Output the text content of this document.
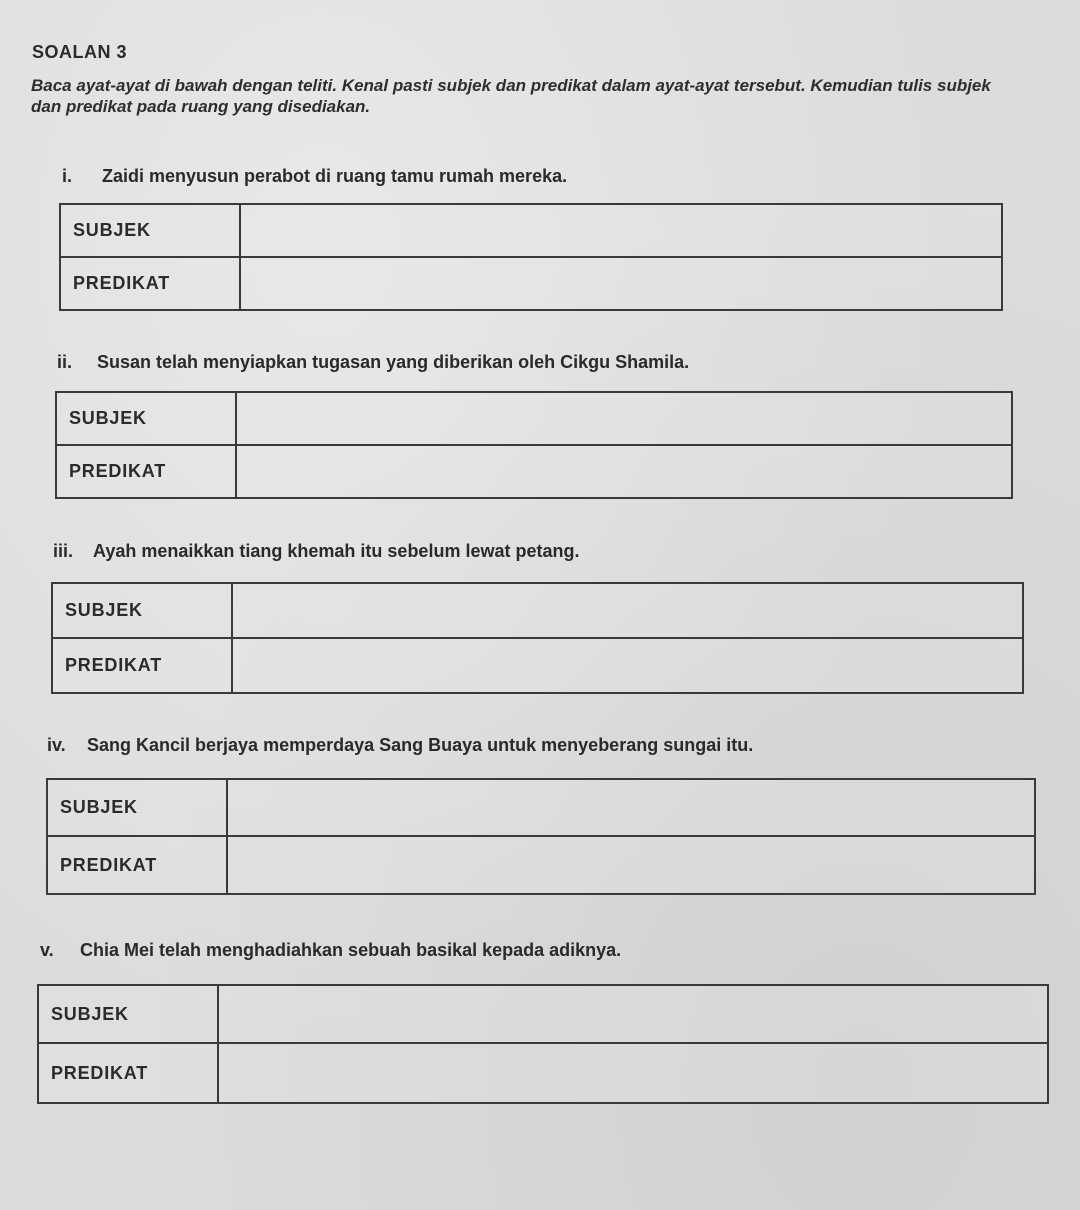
SOALAN 3
Baca ayat-ayat di bawah dengan teliti. Kenal pasti subjek dan predikat dalam ayat-ayat tersebut. Kemudian tulis subjek dan predikat pada ruang yang disediakan.
i. Zaidi menyusun perabot di ruang tamu rumah mereka.
SUBJEK	
PREDIKAT	
ii. Susan telah menyiapkan tugasan yang diberikan oleh Cikgu Shamila.
SUBJEK	
PREDIKAT	
iii. Ayah menaikkan tiang khemah itu sebelum lewat petang.
SUBJEK	
PREDIKAT	
iv. Sang Kancil berjaya memperdaya Sang Buaya untuk menyeberang sungai itu.
SUBJEK	
PREDIKAT	
v. Chia Mei telah menghadiahkan sebuah basikal kepada adiknya.
SUBJEK	
PREDIKAT	
